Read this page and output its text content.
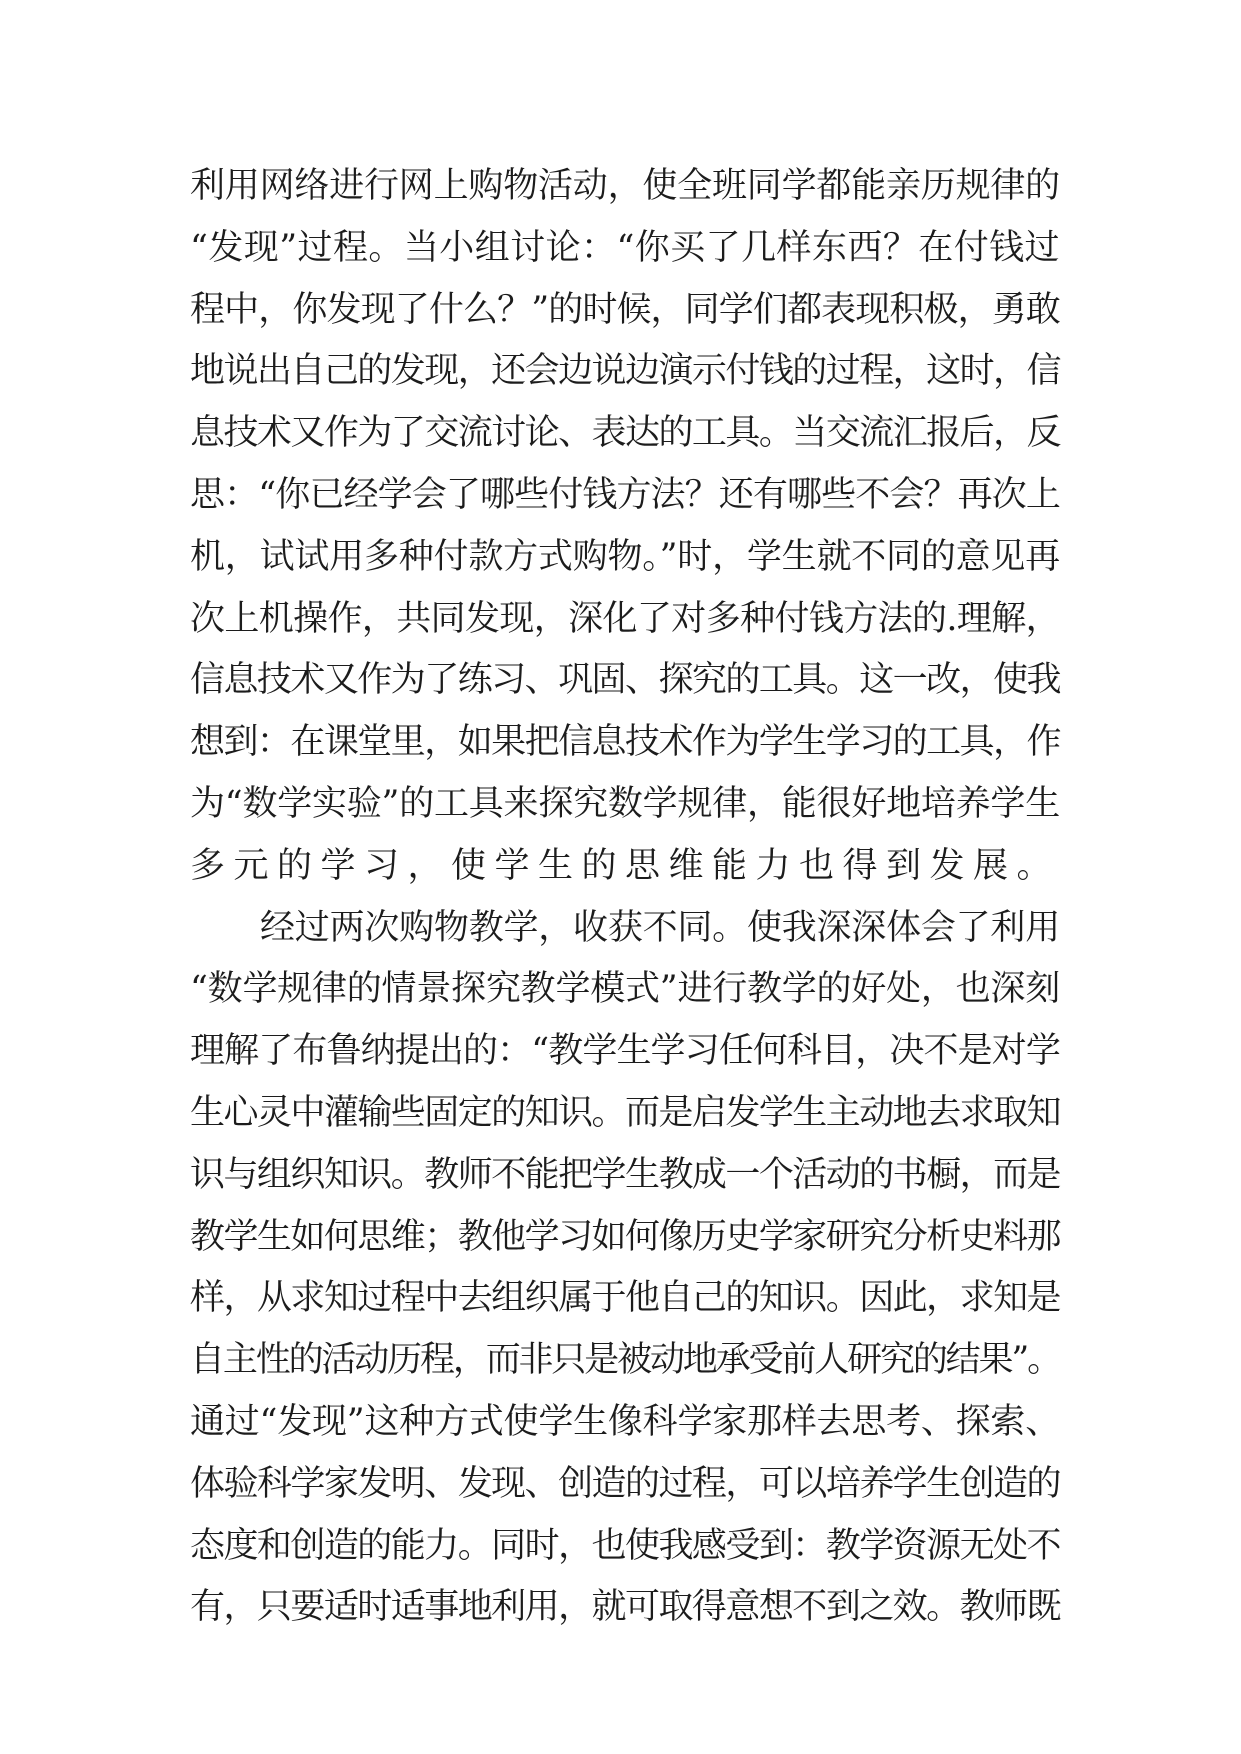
利用网络进行网上购物活动，使全班同学都能亲历规律的
“发现”过程。当小组讨论：“你买了几样东西？在付钱过
程中，你发现了什么？”的时候，同学们都表现积极，勇敢
地说出自己的发现，还会边说边演示付钱的过程，这时，信
息技术又作为了交流讨论、表达的工具。当交流汇报后，反
思：“你已经学会了哪些付钱方法？还有哪些不会？再次上
机，试试用多种付款方式购物。”时，学生就不同的意见再
次上机操作，共同发现，深化了对多种付钱方法的.理解，
信息技术又作为了练习、巩固、探究的工具。这一改，使我
想到：在课堂里，如果把信息技术作为学生学习的工具，作
为“数学实验”的工具来探究数学规律，能很好地培养学生
多元的学习，使学生的思维能力也得到发展。
经过两次购物教学，收获不同。使我深深体会了利用
“数学规律的情景探究教学模式”进行教学的好处，也深刻
理解了布鲁纳提出的：“教学生学习任何科目，决不是对学
生心灵中灌输些固定的知识。而是启发学生主动地去求取知
识与组织知识。教师不能把学生教成一个活动的书橱，而是
教学生如何思维；教他学习如何像历史学家研究分析史料那
样，从求知过程中去组织属于他自己的知识。因此，求知是
自主性的活动历程，而非只是被动地承受前人研究的结果”。
通过“发现”这种方式使学生像科学家那样去思考、探索、
体验科学家发明、发现、创造的过程，可以培养学生创造的
态度和创造的能力。同时，也使我感受到：教学资源无处不
有，只要适时适事地利用，就可取得意想不到之效。教师既
